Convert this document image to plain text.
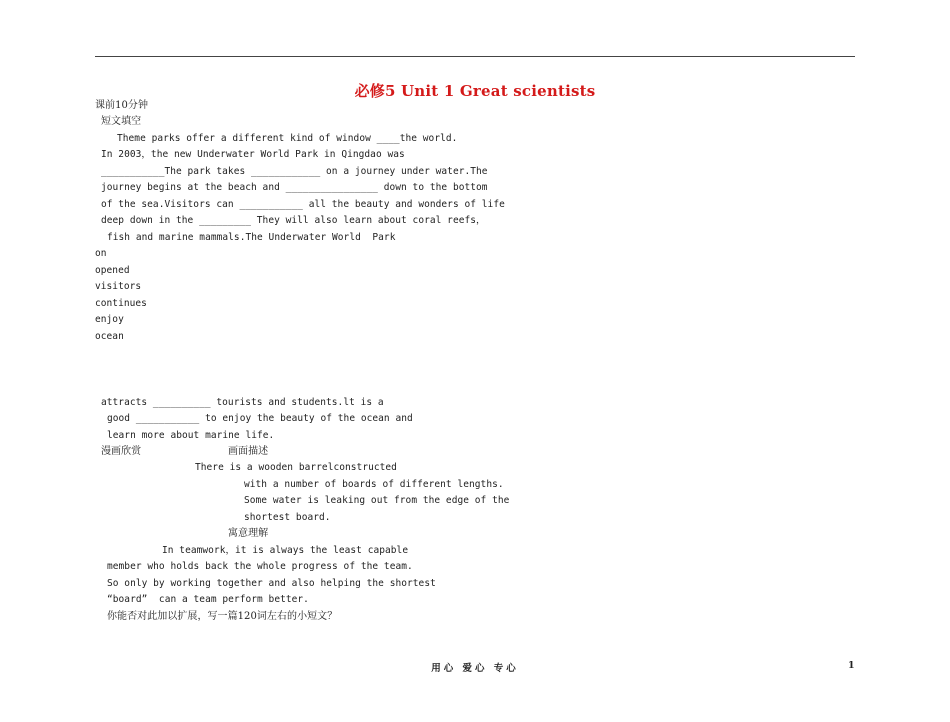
必修5 Unit 1 Great scientists
课前10分钟
短文填空
Theme parks offer a different kind of window ____the world.
In 2003，the new Underwater World Park in Qingdao was
___________The park takes ____________ on a journey under water.The
journey begins at the beach and ________________ down to the bottom
of the sea.Visitors can ___________ all the beauty and wonders of life
deep down in the _________ They will also learn about coral reefs，
fish and marine mammals.The Underwater World  Park
on
opened
visitors
continues
enjoy
ocean
attracts __________ tourists and students.lt is a
good ___________ to enjoy the beauty of the ocean and
learn more about marine life.
漫画欣赏	画面描述
There is a wooden barrelconstructed
with a number of boards of different lengths.
Some water is leaking out from the edge of the
shortest board.
寓意理解
In teamwork，it is always the least capable
member who holds back the whole progress of the team.
So only by working together and also helping the shortest
“board”  can a team perform better.
你能否对此加以扩展，写一篇120词左右的小短文？
用心 爱心 专心	1
